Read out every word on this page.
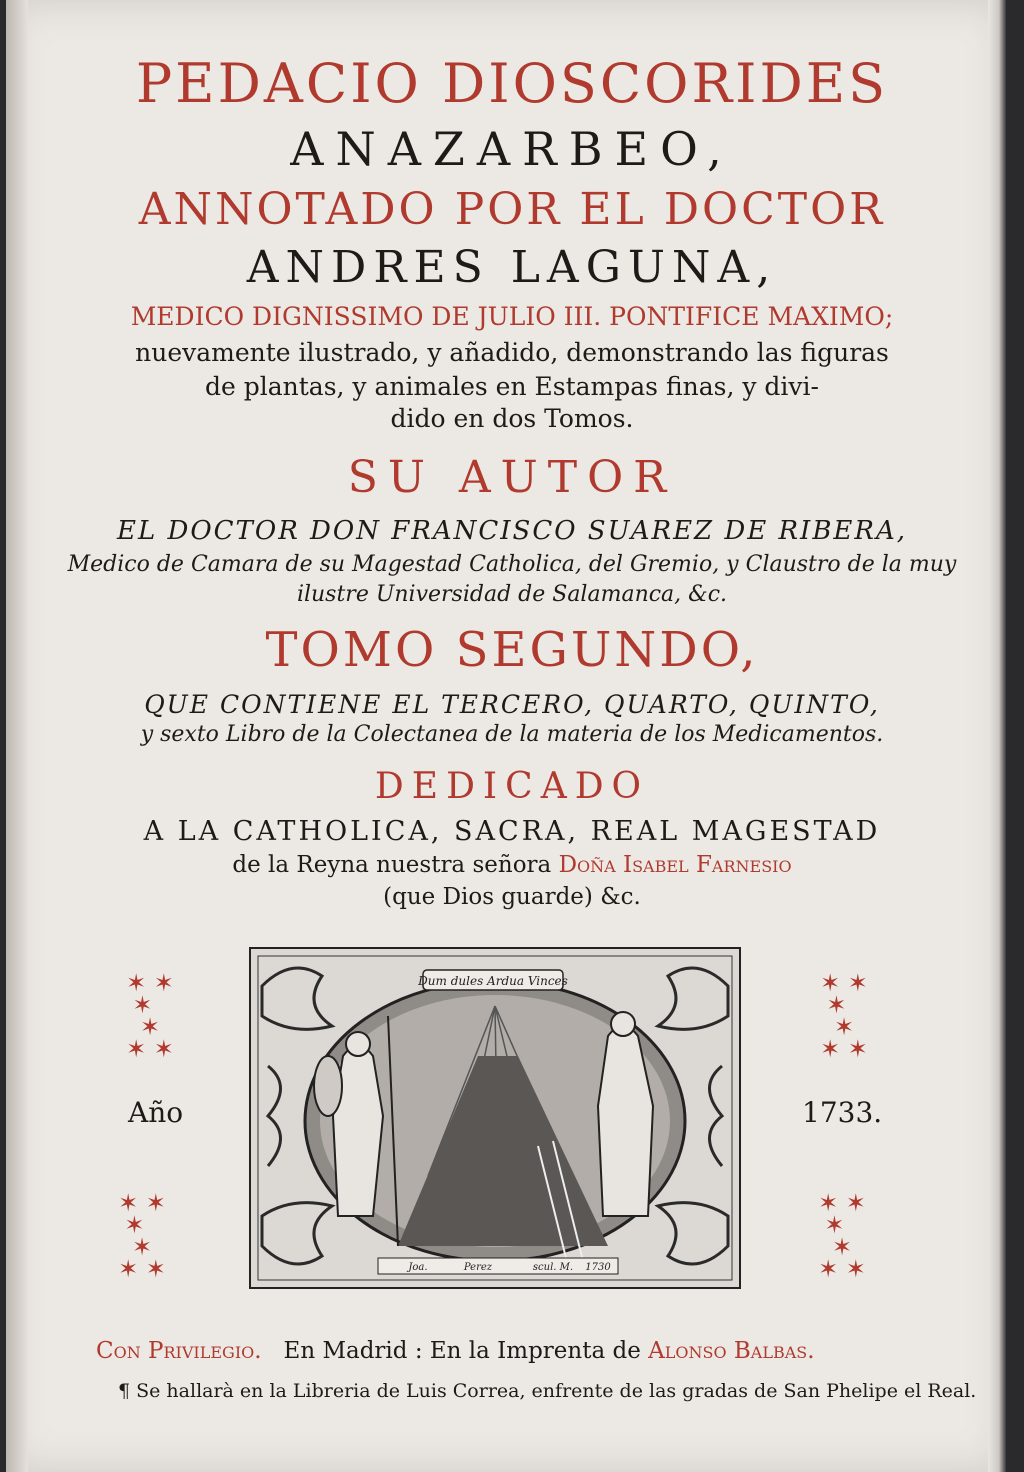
PEDACIO DIOSCORIDES
ANAZARBEO,
ANNOTADO POR EL DOCTOR
ANDRES LAGUNA,
MEDICO DIGNISSIMO DE JULIO III. PONTIFICE MAXIMO;
nuevamente ilustrado, y añadido, demonstrando las figuras
de plantas, y animales en Estampas finas, y divi-
dido en dos Tomos.
SU AUTOR
EL DOCTOR DON FRANCISCO SUAREZ DE RIBERA,
Medico de Camara de su Magestad Catholica, del Gremio, y Claustro de la muy
ilustre Universidad de Salamanca, &c.
TOMO SEGUNDO,
QUE CONTIENE EL TERCERO, QUARTO, QUINTO,
y sexto Libro de la Colectanea de la materia de los Medicamentos.
DEDICADO
A LA CATHOLICA, SACRA, REAL MAGESTAD
de la Reyna nuestra señora Doña Isabel Farnesio
(que Dios guarde) &c.
✶ ✶
✶   ✶
✶ ✶
✶ ✶
✶   ✶
✶ ✶
✶ ✶
✶   ✶
✶ ✶
✶ ✶
✶   ✶
✶ ✶
Año	1733.
Dum dules Ardua Vinces
Joa.	Perez	scul. M. 1730
Con Privilegio. En Madrid : En la Imprenta de Alonso Balbas.
¶ Se hallarà en la Libreria de Luis Correa, enfrente de las gradas de San Phelipe el Real.
